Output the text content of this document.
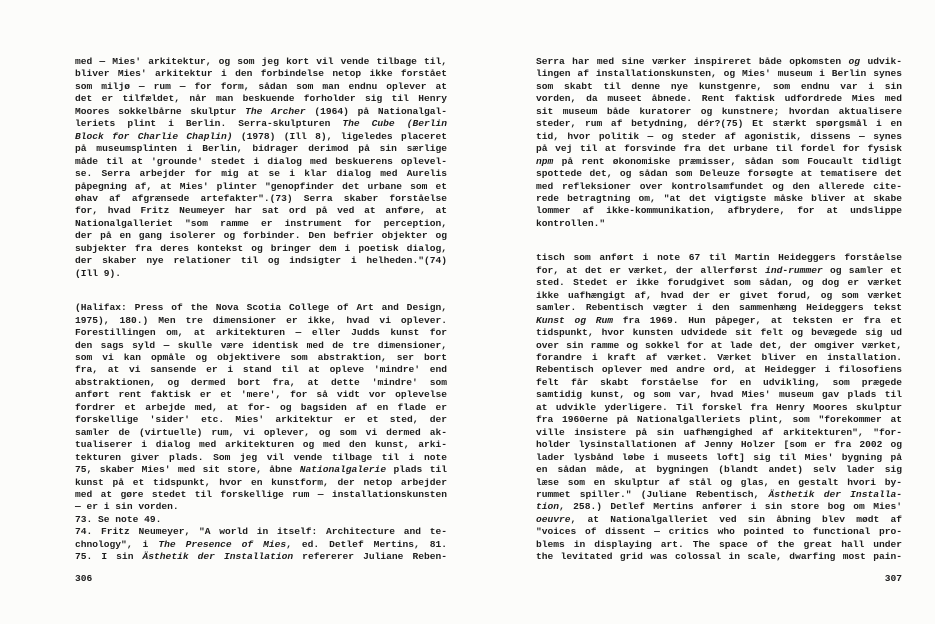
med — Mies' arkitektur, og som jeg kort vil vende tilbage til,
bliver Mies' arkitektur i den forbindelse netop ikke forstået
som miljø — rum — for form, sådan som man endnu oplever at
det er tilfældet, når man beskuende forholder sig til Henry
Moores sokkelbårne skulptur The Archer (1964) på Nationalgal-
leriets plint i Berlin. Serra-skulpturen The Cube (Berlin
Block for Charlie Chaplin) (1978) (Ill 8), ligeledes placeret
på museumsplinten i Berlin, bidrager derimod på sin særlige
måde til at 'grounde' stedet i dialog med beskuerens oplevel-
se. Serra arbejder for mig at se i klar dialog med Aurelis
påpegning af, at Mies' plinter "genopfinder det urbane som et
øhav af afgrænsede artefakter".(73) Serra skaber forståelse
for, hvad Fritz Neumeyer har sat ord på ved at anføre, at
Nationalgalleriet "som ramme er instrument for perception,
der på en gang isolerer og forbinder. Den befrier objekter og
subjekter fra deres kontekst og bringer dem i poetisk dialog,
der skaber nye relationer til og indsigter i helheden."(74)
(Ill 9).
(Halifax: Press of the Nova Scotia College of Art and Design,
1975), 180.) Men tre dimensioner er ikke, hvad vi oplever.
Forestillingen om, at arkitekturen — eller Judds kunst for
den sags syld — skulle være identisk med de tre dimensioner,
som vi kan opmåle og objektivere som abstraktion, ser bort
fra, at vi sansende er i stand til at opleve 'mindre' end
abstraktionen, og dermed bort fra, at dette 'mindre' som
anført rent faktisk er et 'mere', for så vidt vor oplevelse
fordrer et arbejde med, at for- og bagsiden af en flade er
forskellige 'sider' etc. Mies' arkitektur er et sted, der
samler de (virtuelle) rum, vi oplever, og som vi dermed ak-
tualiserer i dialog med arkitekturen og med den kunst, arki-
tekturen giver plads. Som jeg vil vende tilbage til i note
75, skaber Mies' med sit store, åbne Nationalgalerie plads til
kunst på et tidspunkt, hvor en kunstform, der netop arbejder
med at gøre stedet til forskellige rum — installationskunsten
— er i sin vorden.
73. Se note 49.
74. Fritz Neumeyer, "A world in itself: Architecture and te-
chnology", i The Presence of Mies, ed. Detlef Mertins, 81.
75. I sin Ästhetik der Installation refererer Juliane Reben-
306
Serra har med sine værker inspireret både opkomsten og udvik-
lingen af installationskunsten, og Mies' museum i Berlin synes
som skabt til denne nye kunstgenre, som endnu var i sin
vorden, da museet åbnede. Rent faktisk udfordrede Mies med
sit museum både kuratorer og kunstnere; hvordan aktualisere
steder, rum af betydning, dér?(75) Et stærkt spørgsmål i en
tid, hvor politik — og steder af agonistik, dissens — synes
på vej til at forsvinde fra det urbane til fordel for fysisk
npm på rent økonomiske præmisser, sådan som Foucault tidligt
spottede det, og sådan som Deleuze forsøgte at tematisere det
med refleksioner over kontrolsamfundet og den allerede cite-
rede betragtning om, "at det vigtigste måske bliver at skabe
lommer af ikke-kommunikation, afbrydere, for at undslippe
kontrollen."
tisch som anført i note 67 til Martin Heideggers forståelse
for, at det er værket, der allerførst ind-rummer og samler et
sted. Stedet er ikke forudgivet som sådan, og dog er værket
ikke uafhængigt af, hvad der er givet forud, og som værket
samler. Rebentisch vægter i den sammenhæng Heideggers tekst
Kunst og Rum fra 1969. Hun påpeger, at teksten er fra et
tidspunkt, hvor kunsten udvidede sit felt og bevægede sig ud
over sin ramme og sokkel for at lade det, der omgiver værket,
forandre i kraft af værket. Værket bliver en installation.
Rebentisch oplever med andre ord, at Heidegger i filosofiens
felt får skabt forståelse for en udvikling, som prægede
samtidig kunst, og som var, hvad Mies' museum gav plads til
at udvikle yderligere. Til forskel fra Henry Moores skulptur
fra 1960erne på Nationalgalleriets plint, som "forekommer at
ville insistere på sin uafhængighed af arkitekturen", "for-
holder lysinstallationen af Jenny Holzer [som er fra 2002 og
lader lysbånd løbe i museets loft] sig til Mies' bygning på
en sådan måde, at bygningen (blandt andet) selv lader sig
læse som en skulptur af stål og glas, en gestalt hvori by-
rummet spiller." (Juliane Rebentisch, Ästhetik der Installa-
tion, 258.) Detlef Mertins anfører i sin store bog om Mies'
oeuvre, at Nationalgalleriet ved sin åbning blev mødt af
"voices of dissent — critics who pointed to functional pro-
blems in displaying art. The space of the great hall under
the levitated grid was colossal in scale, dwarfing most pain-
307
